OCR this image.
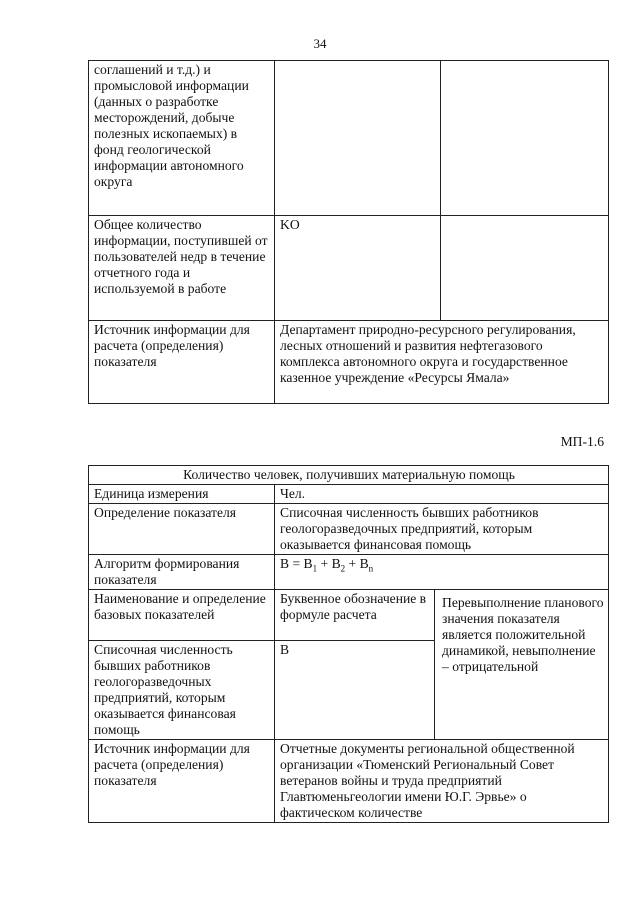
34
соглашений и т.д.) и промысловой информации (данных о разработке месторождений, добыче полезных ископаемых) в фонд геологической информации автономного округа		

Общее количество информации, поступившей от пользователей недр в течение отчетного года и используемой в работе	KO	

Источник информации для расчета (определения) показателя	Департамент природно-ресурсного регулирования, лесных отношений и развития нефтегазового комплекса автономного округа и государственное казенное учреждение «Ресурсы Ямала»	
МП-1.6
Количество человек, получивших материальную помощь		
Единица измерения	Чел.	
Определение показателя	Списочная численность бывших работников геологоразведочных предприятий, которым оказывается финансовая помощь	

Алгоритм формирования показателя	$B = B_1 + B_2 + B_n$

Наименование и определение базовых показателей	Буквенное обозначение в формуле расчета	Перевыполнение планового значения показателя является положительной динамикой, невыполнение – отрицательной

Списочная численность бывших работников геологоразведочных предприятий, которым оказывается финансовая помощь	B	

Источник информации для расчета (определения) показателя	Отчетные документы региональной общественной организации «Тюменский Региональный Совет ветеранов войны и труда предприятий Главтюменьгеологии имени Ю.Г. Эрвье» о фактическом количестве	
